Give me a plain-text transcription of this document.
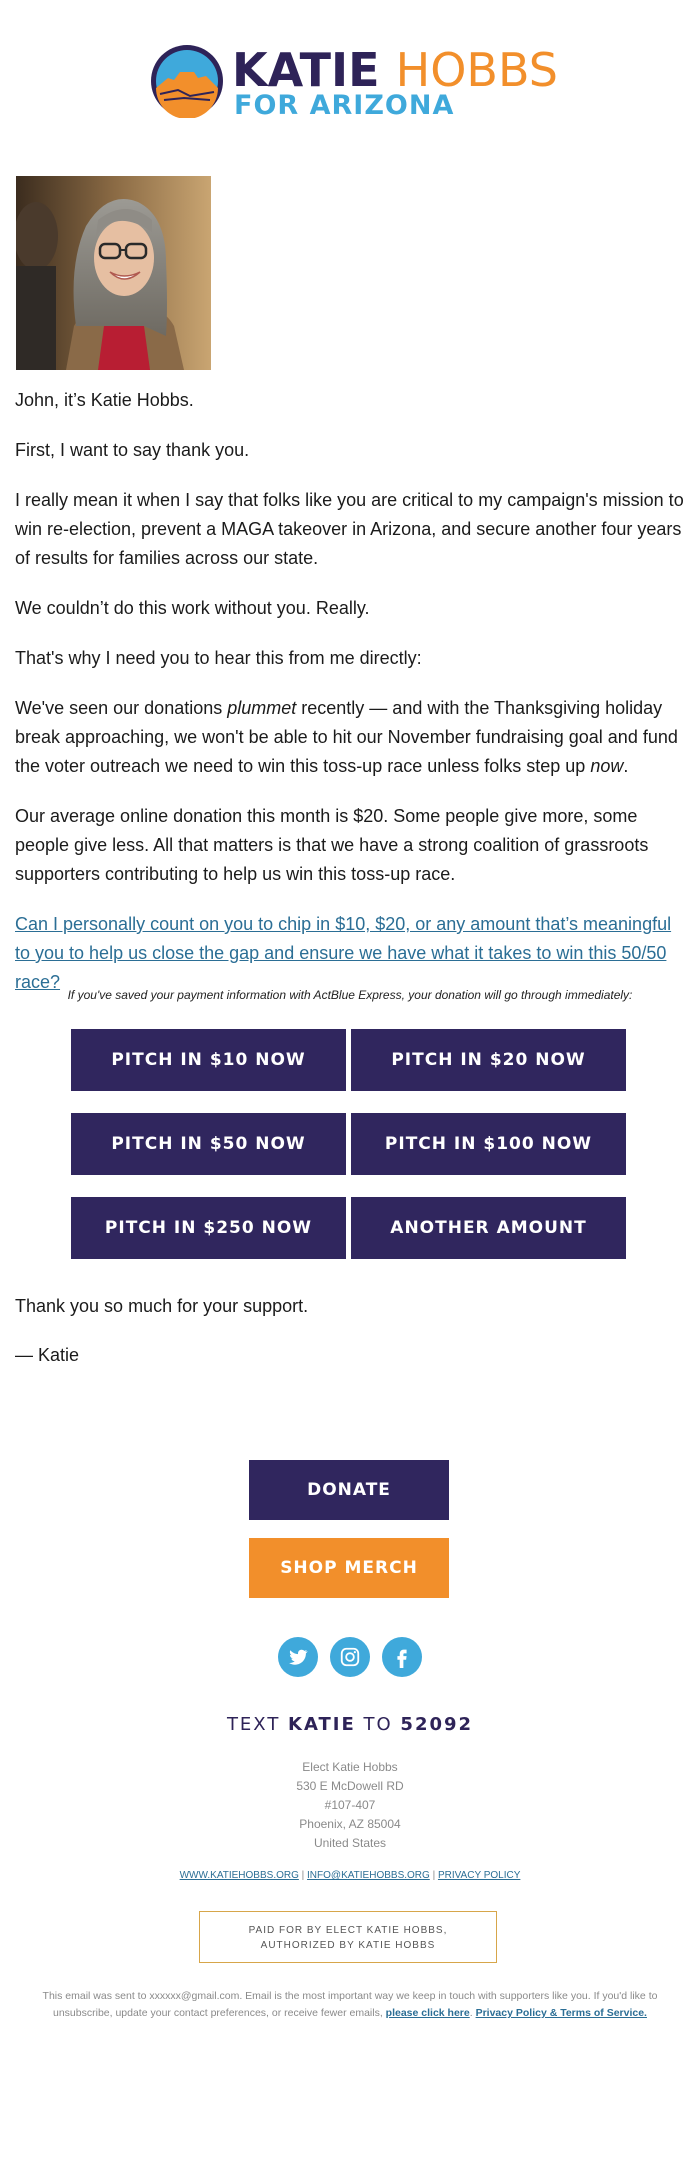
KATIE HOBBS
FOR ARIZONA

John, it’s Katie Hobbs.

First, I want to say thank you.

I really mean it when I say that folks like you are critical to my campaign's mission to win re-election, prevent a MAGA takeover in Arizona, and secure another four years of results for families across our state.

We couldn’t do this work without you. Really.

That's why I need you to hear this from me directly:

We've seen our donations plummet recently — and with the Thanksgiving holiday break approaching, we won't be able to hit our November fundraising goal and fund the voter outreach we need to win this toss-up race unless folks step up now.

Our average online donation this month is $20. Some people give more, some people give less. All that matters is that we have a strong coalition of grassroots supporters contributing to help us win this toss-up race.

Can I personally count on you to chip in $10, $20, or any amount that’s meaningful to you to help us close the gap and ensure we have what it takes to win this 50/50 race?

If you've saved your payment information with ActBlue Express, your donation will go through immediately:
PITCH IN $10 NOW	PITCH IN $20 NOW
PITCH IN $50 NOW	PITCH IN $100 NOW
PITCH IN $250 NOW	ANOTHER AMOUNT

Thank you so much for your support.

— Katie

DONATE
SHOP MERCH
TEXT KATIE TO 52092
Elect Katie Hobbs
530 E McDowell RD
#107-407
Phoenix, AZ 85004
United States
WWW.KATIEHOBBS.ORG | INFO@KATIEHOBBS.ORG | PRIVACY POLICY
PAID FOR BY ELECT KATIE HOBBS,
AUTHORIZED BY KATIE HOBBS
This email was sent to xxxxxx@gmail.com. Email is the most important way we keep in touch with supporters like you. If you'd like to unsubscribe, update your contact preferences, or receive fewer emails, please click here. Privacy Policy & Terms of Service.
